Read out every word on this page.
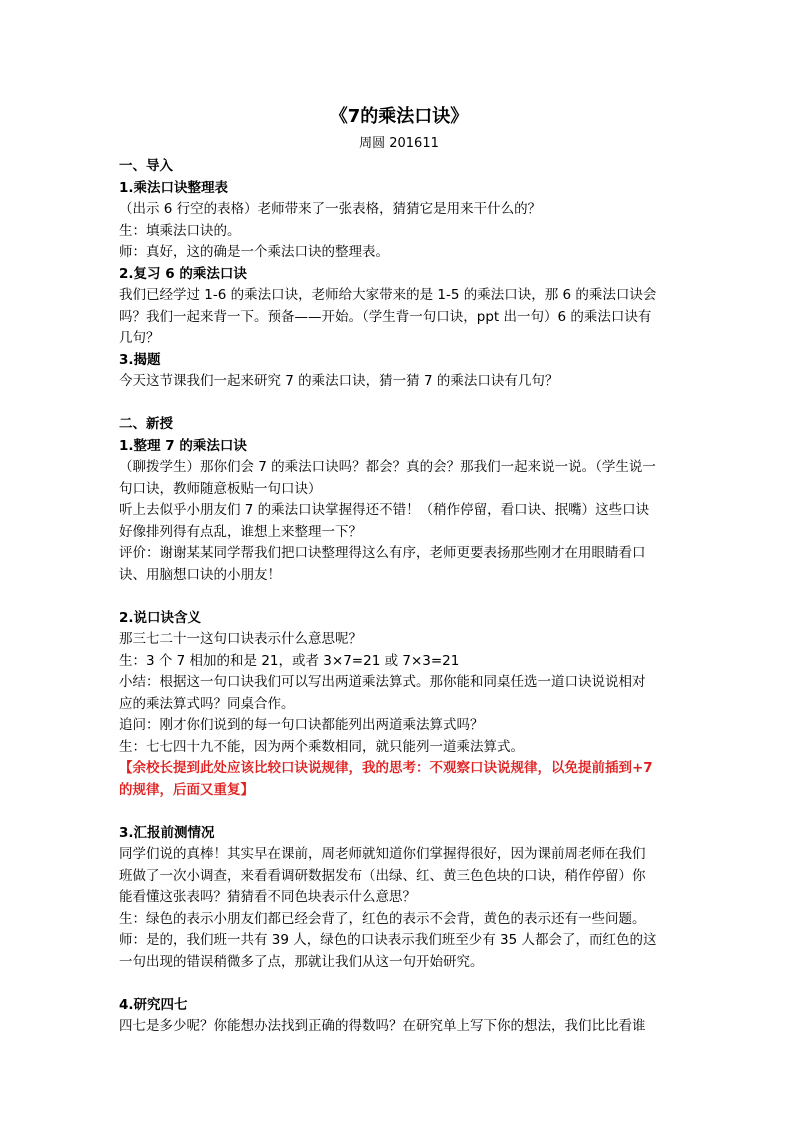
《7的乘法口诀》

周圆 201611

一、导入

1.乘法口诀整理表

（出示 6 行空的表格）老师带来了一张表格，猜猜它是用来干什么的？

生：填乘法口诀的。

师：真好，这的确是一个乘法口诀的整理表。

2.复习 6 的乘法口诀

我们已经学过 1-6 的乘法口诀，老师给大家带来的是 1-5 的乘法口诀，那 6 的乘法口诀会

吗？我们一起来背一下。预备——开始。（学生背一句口诀，ppt 出一句）6 的乘法口诀有

几句？

3.揭题

今天这节课我们一起来研究 7 的乘法口诀，猜一猜 7 的乘法口诀有几句？

二、新授

1.整理 7 的乘法口诀

（聊拨学生）那你们会 7 的乘法口诀吗？都会？真的会？那我们一起来说一说。（学生说一

句口诀，教师随意板贴一句口诀）

听上去似乎小朋友们 7 的乘法口诀掌握得还不错！（稍作停留，看口诀、抿嘴）这些口诀

好像排列得有点乱，谁想上来整理一下？

评价：谢谢某某同学帮我们把口诀整理得这么有序，老师更要表扬那些刚才在用眼睛看口

诀、用脑想口诀的小朋友！

2.说口诀含义

那三七二十一这句口诀表示什么意思呢？

生：3 个 7 相加的和是 21，或者 3×7=21 或 7×3=21

小结：根据这一句口诀我们可以写出两道乘法算式。那你能和同桌任选一道口诀说说相对

应的乘法算式吗？同桌合作。

追问：刚才你们说到的每一句口诀都能列出两道乘法算式吗？

生：七七四十九不能，因为两个乘数相同，就只能列一道乘法算式。

【余校长提到此处应该比较口诀说规律，我的思考：不观察口诀说规律，以免提前插到+7

的规律，后面又重复】

3.汇报前测情况

同学们说的真棒！其实早在课前，周老师就知道你们掌握得很好，因为课前周老师在我们

班做了一次小调查，来看看调研数据发布（出绿、红、黄三色色块的口诀，稍作停留）你

能看懂这张表吗？猜猜看不同色块表示什么意思？

生：绿色的表示小朋友们都已经会背了，红色的表示不会背，黄色的表示还有一些问题。

师：是的，我们班一共有 39 人，绿色的口诀表示我们班至少有 35 人都会了，而红色的这

一句出现的错误稍微多了点，那就让我们从这一句开始研究。

4.研究四七

四七是多少呢？你能想办法找到正确的得数吗？在研究单上写下你的想法，我们比比看谁
